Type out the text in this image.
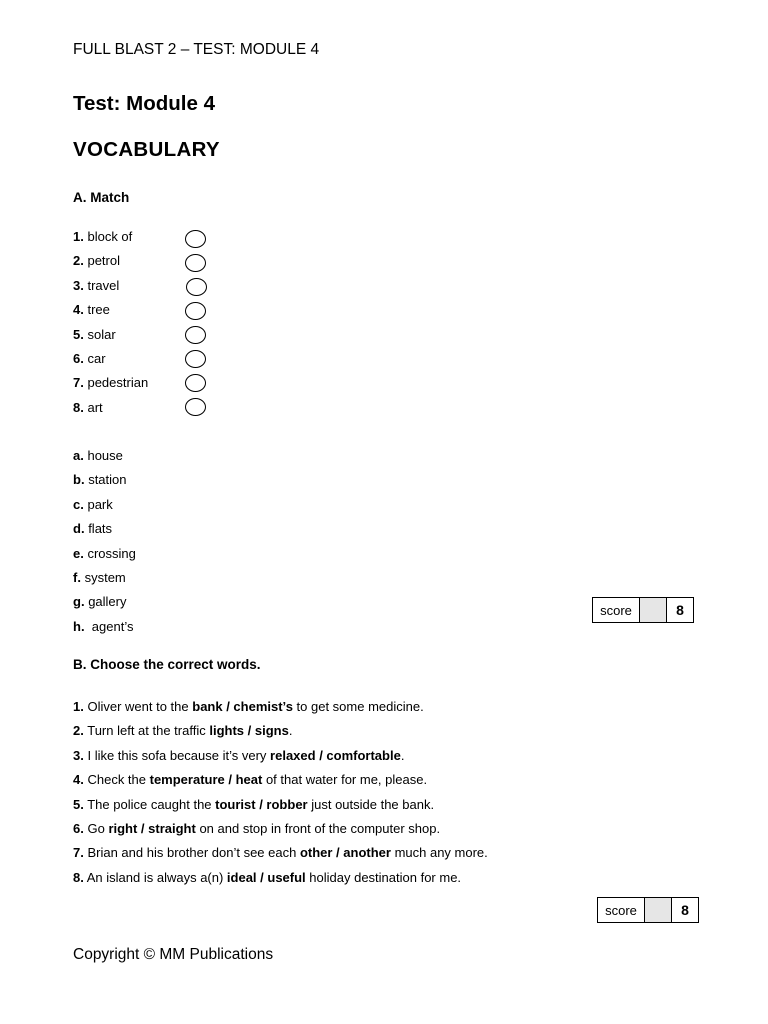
FULL BLAST 2 – TEST: MODULE 4
Test: Module 4
VOCABULARY
A. Match
1. block of
2. petrol
3. travel
4. tree
5. solar
6. car
7. pedestrian
8. art
a. house
b. station
c. park
d. flats
e. crossing
f. system
g. gallery
h.  agent’s
score	8
B. Choose the correct words.
1. Oliver went to the bank / chemist’s to get some medicine.
2. Turn left at the traffic lights / signs.
3. I like this sofa because it’s very relaxed / comfortable.
4. Check the temperature / heat of that water for me, please.
5. The police caught the tourist / robber just outside the bank.
6. Go right / straight on and stop in front of the computer shop.
7. Brian and his brother don’t see each other / another much any more.
8. An island is always a(n) ideal / useful holiday destination for me.
score	8
Copyright © MM Publications
